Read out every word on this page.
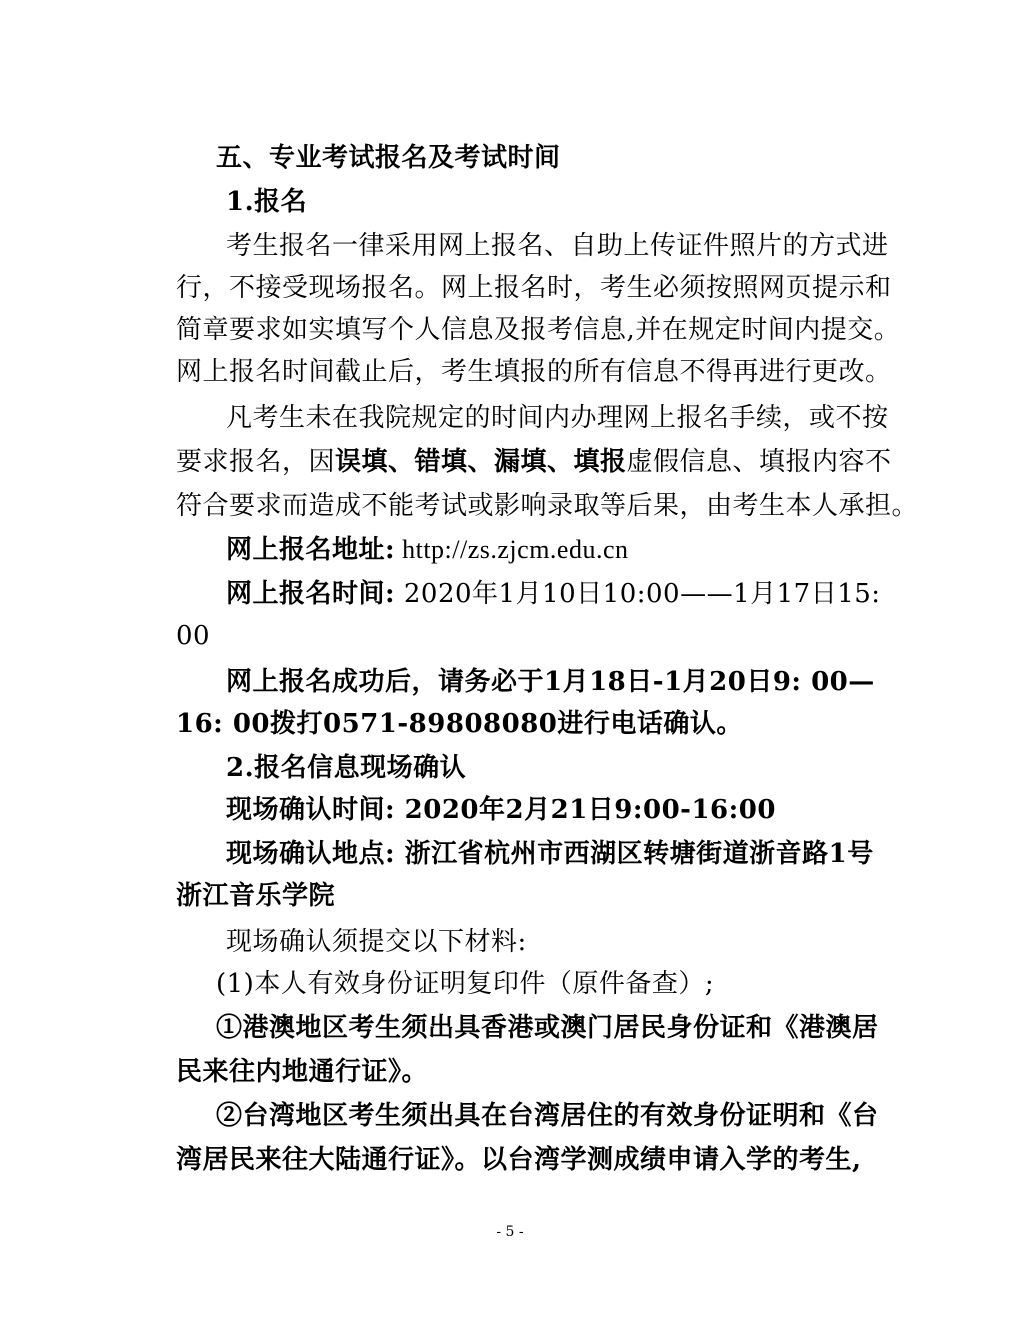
五、专业考试报名及考试时间
1.报名
考生报名一律采用网上报名、自助上传证件照片的方式进
行，不接受现场报名。网上报名时，考生必须按照网页提示和
简章要求如实填写个人信息及报考信息,并在规定时间内提交。
网上报名时间截止后，考生填报的所有信息不得再进行更改。
凡考生未在我院规定的时间内办理网上报名手续，或不按
要求报名，因误填、错填、漏填、填报虚假信息、填报内容不
符合要求而造成不能考试或影响录取等后果，由考生本人承担。
网上报名地址: http://zs.zjcm.edu.cn
网上报名时间: 2020年1月10日10:00——1月17日15:
00
网上报名成功后，请务必于1月18日-1月20日9: 00—
16: 00拨打0571-89808080进行电话确认。
2.报名信息现场确认
现场确认时间: 2020年2月21日9:00-16:00
现场确认地点: 浙江省杭州市西湖区转塘街道浙音路1号
浙江音乐学院
现场确认须提交以下材料:
(1)本人有效身份证明复印件（原件备查）;
①港澳地区考生须出具香港或澳门居民身份证和《港澳居
民来往内地通行证》。
②台湾地区考生须出具在台湾居住的有效身份证明和《台
湾居民来往大陆通行证》。以台湾学测成绩申请入学的考生,
- 5 -
